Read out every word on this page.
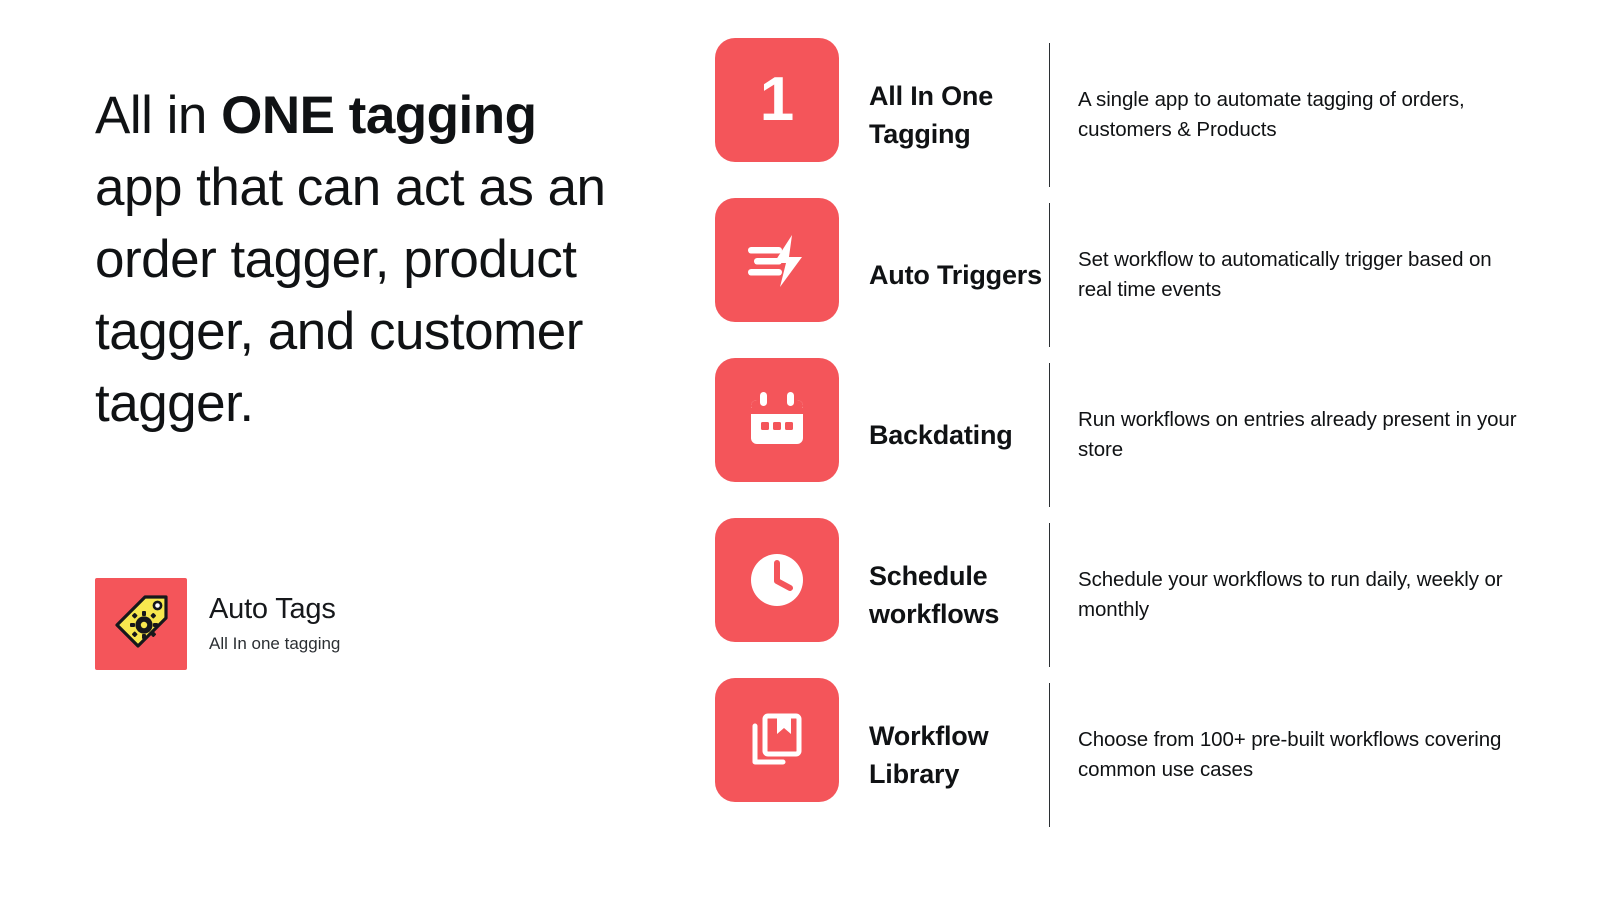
All in ONE tagging app that can act as an order tagger, product tagger, and customer tagger.
Auto Tags
All In one tagging
1	All In One Tagging
A single app to automate tagging of orders, customers & Products
Auto Triggers
Set workflow to automatically trigger based on real time events
Backdating
Run workflows on entries already present in your store
Schedule workflows
Schedule your workflows to run daily, weekly or monthly
Workflow Library
Choose from 100+ pre-built workflows covering common use cases
